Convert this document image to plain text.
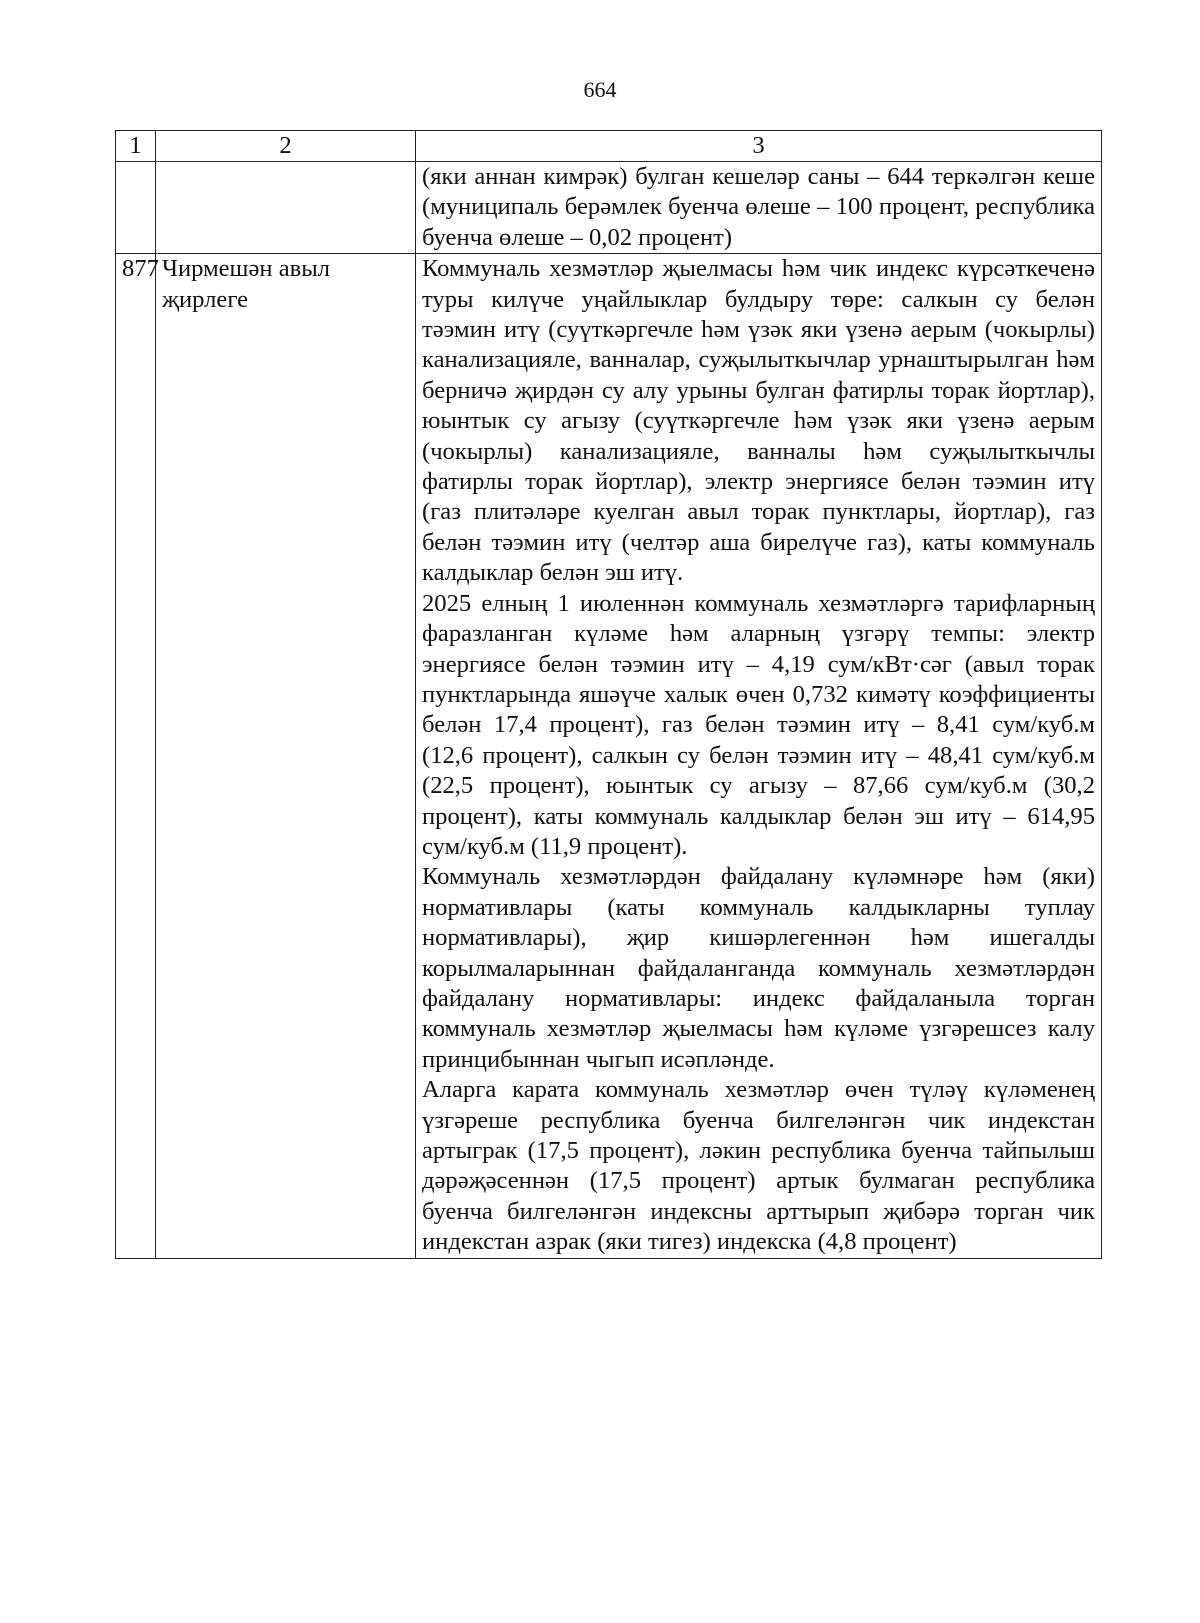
664
1	2	3

		(яки аннан кимрәк) булган кешеләр саны – 644 теркәлгән кеше (муниципаль берәмлек буенча өлеше – 100 процент, республика буенча өлеше – 0,02 процент)

877	Чирмешән авыл җирлеге	Коммуналь хезмәтләр җыелмасы һәм чик индекс күрсәткеченә туры килүче уңайлыклар булдыру төре: салкын су белән тәэмин итү (суүткәргечле һәм үзәк яки үзенә аерым (чокырлы) канализацияле, ванналар, суҗылыткычлар урнаштырылган һәм берничә җирдән су алу урыны булган фатирлы торак йортлар), юынтык су агызу (суүткәргечле һәм үзәк яки үзенә аерым (чокырлы) канализацияле, ванналы һәм суҗылыткычлы фатирлы торак йортлар), электр энергиясе белән тәэмин итү (газ плитәләре куелган авыл торак пунктлары, йортлар), газ белән тәэмин итү (челтәр аша бирелүче газ), каты коммуналь калдыклар белән эш итү.

2025 елның 1 июленнән коммуналь хезмәтләргә тарифларның фаразланган күләме һәм аларның үзгәрү темпы: электр энергиясе белән тәэмин итү – 4,19 сум/кВт·сәг (авыл торак пунктларында яшәүче халык өчен 0,732 кимәтү коэффициенты белән 17,4 процент), газ белән тәэмин итү – 8,41 сум/куб.м (12,6 процент), салкын су белән тәэмин итү – 48,41 сум/куб.м (22,5 процент), юынтык су агызу – 87,66 сум/куб.м (30,2 процент), каты коммуналь калдыклар белән эш итү – 614,95 сум/куб.м (11,9 процент).

Коммуналь хезмәтләрдән файдалану күләмнәре һәм (яки) нормативлары (каты коммуналь калдыкларны туплау нормативлары), җир кишәрлегеннән һәм ишегалды корылмаларыннан файдаланганда коммуналь хезмәтләрдән файдалану нормативлары: индекс файдаланыла торган коммуналь хезмәтләр җыелмасы һәм күләме үзгәрешсез калу принцибыннан чыгып исәпләнде.

Аларга карата коммуналь хезмәтләр өчен түләү күләменең үзгәреше республика буенча билгеләнгән чик индекстан артыграк (17,5 процент), ләкин республика буенча тайпылыш дәрәҗәсеннән (17,5 процент) артык булмаган республика буенча билгеләнгән индексны арттырып җибәрә торган чик индекстан азрак (яки тигез) индекска (4,8 процент)
